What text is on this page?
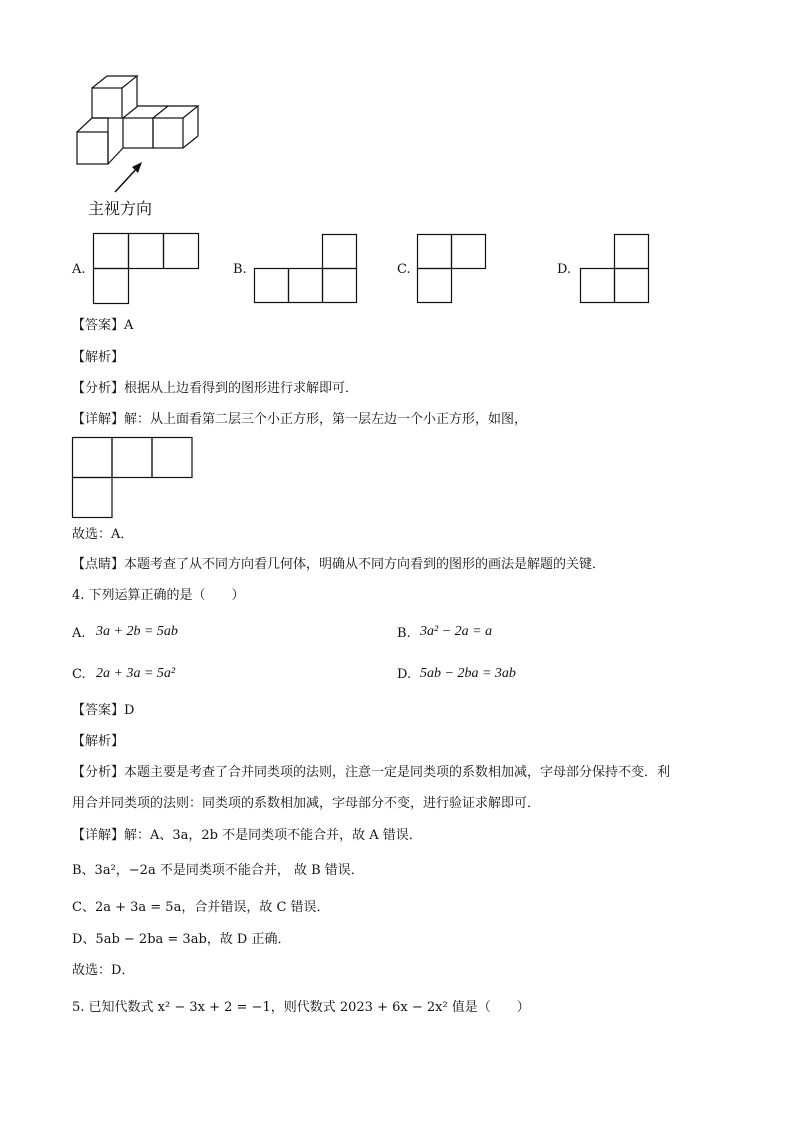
主视方向
A.	B.	C.	D.
【答案】A
【解析】
【分析】根据从上边看得到的图形进行求解即可．
【详解】解：从上面看第二层三个小正方形，第一层左边一个小正方形，如图，
故选：A．
【点睛】本题考查了从不同方向看几何体，明确从不同方向看到的图形的画法是解题的关键．
4. 下列运算正确的是（　　）
A. 3a + 2b = 5ab	B. 3a² − 2a = a
C. 2a + 3a = 5a²	D. 5ab − 2ba = 3ab
【答案】D
【解析】
【分析】本题主要是考查了合并同类项的法则，注意一定是同类项的系数相加减，字母部分保持不变．利
用合并同类项的法则：同类项的系数相加减，字母部分不变，进行验证求解即可．
【详解】解：A、3a，2b 不是同类项不能合并，故 A 错误．
B、3a²，−2a 不是同类项不能合并， 故 B 错误．
C、2a + 3a = 5a，合并错误，故 C 错误．
D、5ab − 2ba = 3ab，故 D 正确．
故选：D．
5. 已知代数式 x² − 3x + 2 = −1，则代数式 2023 + 6x − 2x² 值是（　　）
